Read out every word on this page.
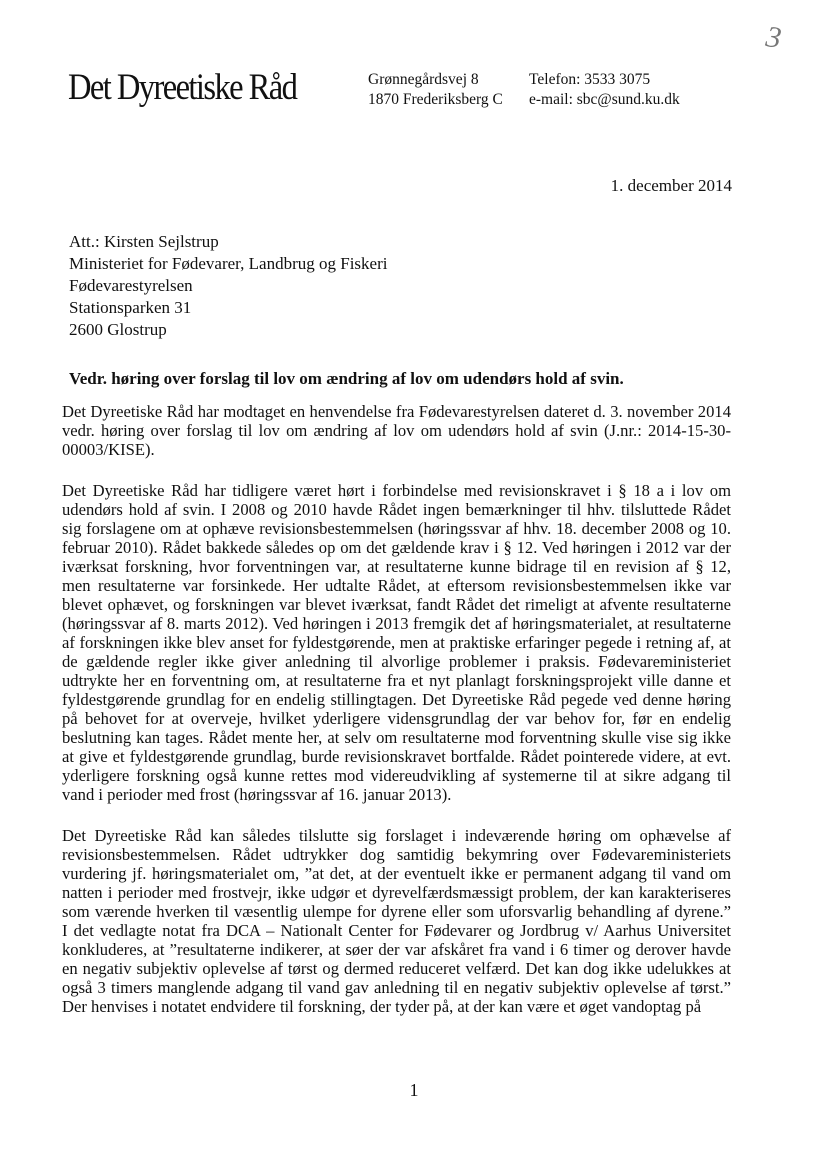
Det Dyreetiske Råd	Grønnegårdsvej 8
1870 Frederiksberg C
Telefon: 3533 3075
e-mail: sbc@sund.ku.dk
3
1. december 2014
Att.: Kirsten Sejlstrup
Ministeriet for Fødevarer, Landbrug og Fiskeri
Fødevarestyrelsen
Stationsparken 31
2600 Glostrup
Vedr. høring over forslag til lov om ændring af lov om udendørs hold af svin.

Det Dyreetiske Råd har modtaget en henvendelse fra Fødevarestyrelsen dateret d. 3. november 2014

vedr. høring over forslag til lov om ændring af lov om udendørs hold af svin (J.nr.: 2014-15-30-

00003/KISE).

Det Dyreetiske Råd har tidligere været hørt i forbindelse med revisionskravet i § 18 a i lov om

udendørs hold af svin. I 2008 og 2010 havde Rådet ingen bemærkninger til hhv. tilsluttede Rådet

sig forslagene om at ophæve revisionsbestemmelsen (høringssvar af hhv. 18. december 2008 og 10.

februar 2010). Rådet bakkede således op om det gældende krav i § 12. Ved høringen i 2012 var der

iværksat forskning, hvor forventningen var, at resultaterne kunne bidrage til en revision af § 12,

men resultaterne var forsinkede. Her udtalte Rådet, at eftersom revisionsbestemmelsen ikke var

blevet ophævet, og forskningen var blevet iværksat, fandt Rådet det rimeligt at afvente resultaterne

(høringssvar af 8. marts 2012). Ved høringen i 2013 fremgik det af høringsmaterialet, at resultaterne

af forskningen ikke blev anset for fyldestgørende, men at praktiske erfaringer pegede i retning af, at

de gældende regler ikke giver anledning til alvorlige problemer i praksis. Fødevareministeriet

udtrykte her en forventning om, at resultaterne fra et nyt planlagt forskningsprojekt ville danne et

fyldestgørende grundlag for en endelig stillingtagen. Det Dyreetiske Råd pegede ved denne høring

på behovet for at overveje, hvilket yderligere vidensgrundlag der var behov for, før en endelig

beslutning kan tages. Rådet mente her, at selv om resultaterne mod forventning skulle vise sig ikke

at give et fyldestgørende grundlag, burde revisionskravet bortfalde. Rådet pointerede videre, at evt.

yderligere forskning også kunne rettes mod videreudvikling af systemerne til at sikre adgang til

vand i perioder med frost (høringssvar af 16. januar 2013).

Det Dyreetiske Råd kan således tilslutte sig forslaget i indeværende høring om ophævelse af

revisionsbestemmelsen. Rådet udtrykker dog samtidig bekymring over Fødevareministeriets

vurdering jf. høringsmaterialet om, ”at det, at der eventuelt ikke er permanent adgang til vand om

natten i perioder med frostvejr, ikke udgør et dyrevelfærdsmæssigt problem, der kan karakteriseres

som værende hverken til væsentlig ulempe for dyrene eller som uforsvarlig behandling af dyrene.”

I det vedlagte notat fra DCA – Nationalt Center for Fødevarer og Jordbrug v/ Aarhus Universitet

konkluderes, at ”resultaterne indikerer, at søer der var afskåret fra vand i 6 timer og derover havde

en negativ subjektiv oplevelse af tørst og dermed reduceret velfærd. Det kan dog ikke udelukkes at

også 3 timers manglende adgang til vand gav anledning til en negativ subjektiv oplevelse af tørst.”

Der henvises i notatet endvidere til forskning, der tyder på, at der kan være et øget vandoptag på

1
